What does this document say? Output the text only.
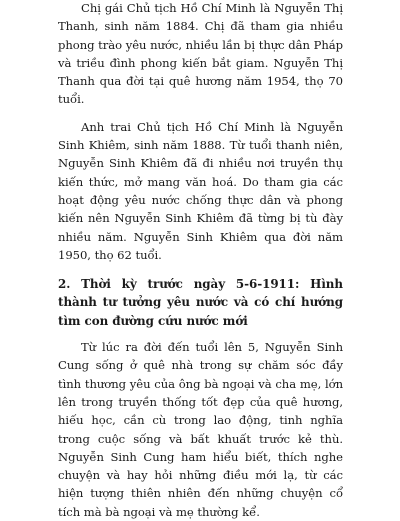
Chị gái Chủ tịch Hồ Chí Minh là Nguyễn Thị Thanh, sinh năm 1884. Chị đã tham gia nhiều phong trào yêu nước, nhiều lần bị thực dân Pháp và triều đình phong kiến bắt giam. Nguyễn Thị Thanh qua đời tại quê hương năm 1954, thọ 70 tuổi.

Anh trai Chủ tịch Hồ Chí Minh là Nguyễn Sinh Khiêm, sinh năm 1888. Từ tuổi thanh niên, Nguyễn Sinh Khiêm đã đi nhiều nơi truyền thụ kiến thức, mở mang văn hoá. Do tham gia các hoạt động yêu nước chống thực dân và phong kiến nên Nguyễn Sinh Khiêm đã từng bị tù đày nhiều năm. Nguyễn Sinh Khiêm qua đời năm 1950, thọ 62 tuổi.

2. Thời kỳ trước ngày 5-6-1911: Hình thành tư tưởng yêu nước và có chí hướng tìm con đường cứu nước mới

Từ lúc ra đời đến tuổi lên 5, Nguyễn Sinh Cung sống ở quê nhà trong sự chăm sóc đầy tình thương yêu của ông bà ngoại và cha mẹ, lớn lên trong truyền thống tốt đẹp của quê hương, hiếu học, cần cù trong lao động, tinh nghĩa trong cuộc sống và bất khuất trước kẻ thù. Nguyễn Sinh Cung ham hiểu biết, thích nghe chuyện và hay hỏi những điều mới lạ, từ các hiện tượng thiên nhiên đến những chuyện cổ tích mà bà ngoại và mẹ thường kể.
